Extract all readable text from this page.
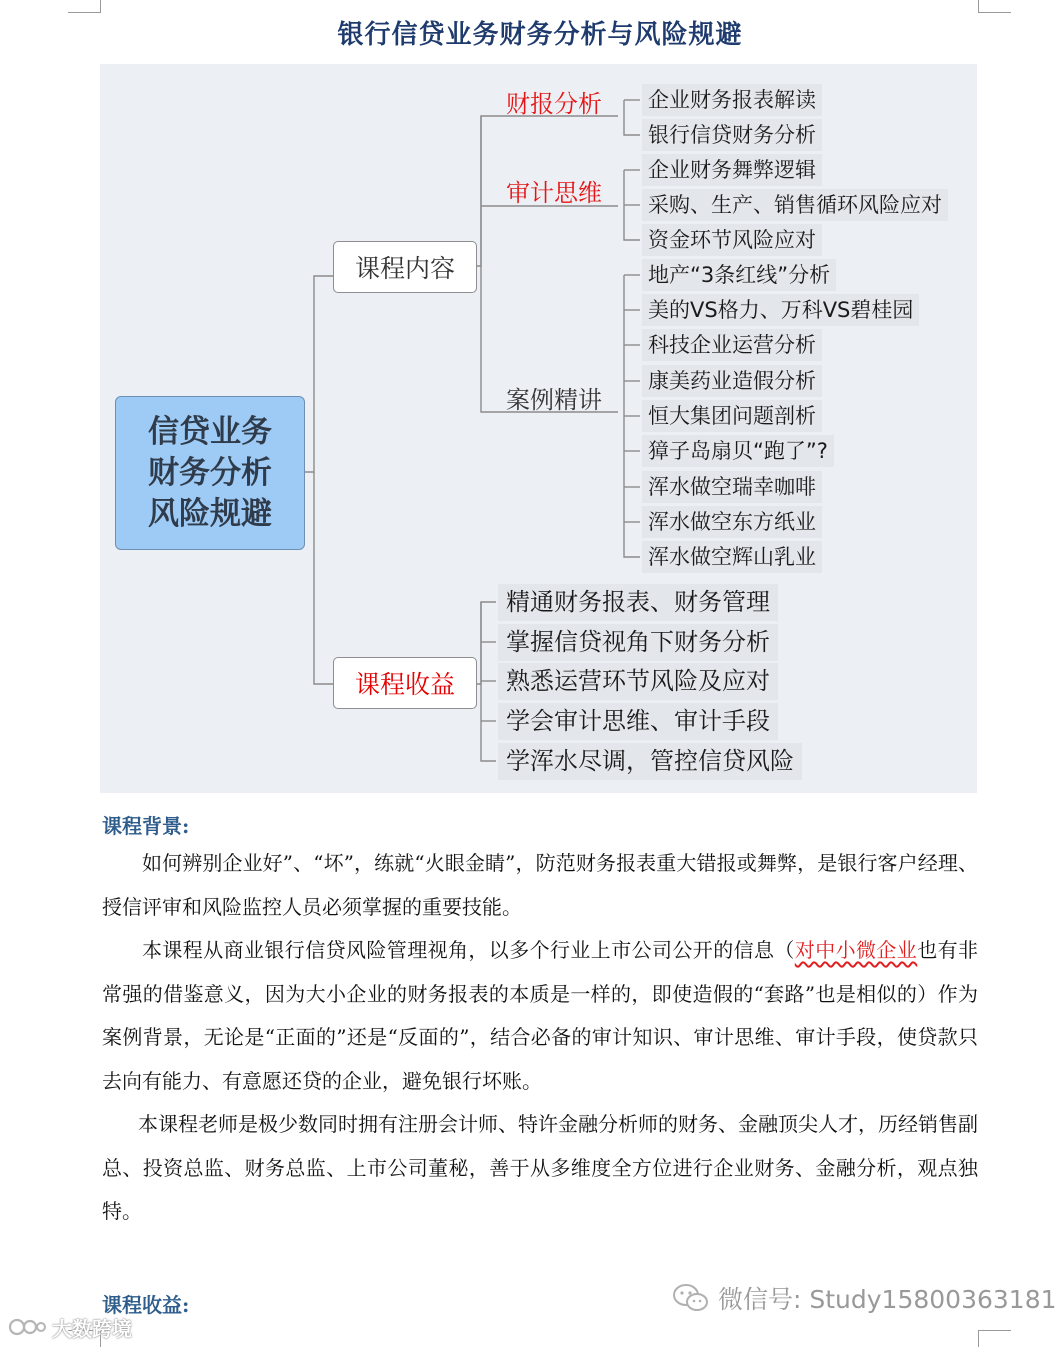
银行信贷业务财务分析与风险规避
信贷业务
财务分析
风险规避
课程内容
课程收益
财报分析
审计思维
案例精讲
企业财务报表解读
银行信贷财务分析
企业财务舞弊逻辑
采购、生产、销售循环风险应对
资金环节风险应对
地产“3条红线”分析
美的VS格力、万科VS碧桂园
科技企业运营分析
康美药业造假分析
恒大集团问题剖析
獐子岛扇贝“跑了”?
浑水做空瑞幸咖啡
浑水做空东方纸业
浑水做空辉山乳业
精通财务报表、财务管理
掌握信贷视角下财务分析
熟悉运营环节风险及应对
学会审计思维、审计手段
学浑水尽调，管控信贷风险
课程背景:

如何辨别企业好”、“坏”，练就“火眼金睛”，防范财务报表重大错报或舞弊，是银行客户经理、授信评审和风险监控人员必须掌握的重要技能。

本课程从商业银行信贷风险管理视角，以多个行业上市公司公开的信息（对中小微企业也有非常强的借鉴意义，因为大小企业的财务报表的本质是一样的，即使造假的“套路”也是相似的）作为案例背景，无论是“正面的”还是“反面的”，结合必备的审计知识、审计思维、审计手段，使贷款只去向有能力、有意愿还贷的企业，避免银行坏账。

本课程老师是极少数同时拥有注册会计师、特许金融分析师的财务、金融顶尖人才，历经销售副总、投资总监、财务总监、上市公司董秘，善于从多维度全方位进行企业财务、金融分析，观点独特。

课程收益:	微信号: Study15800363181
大数跨境
